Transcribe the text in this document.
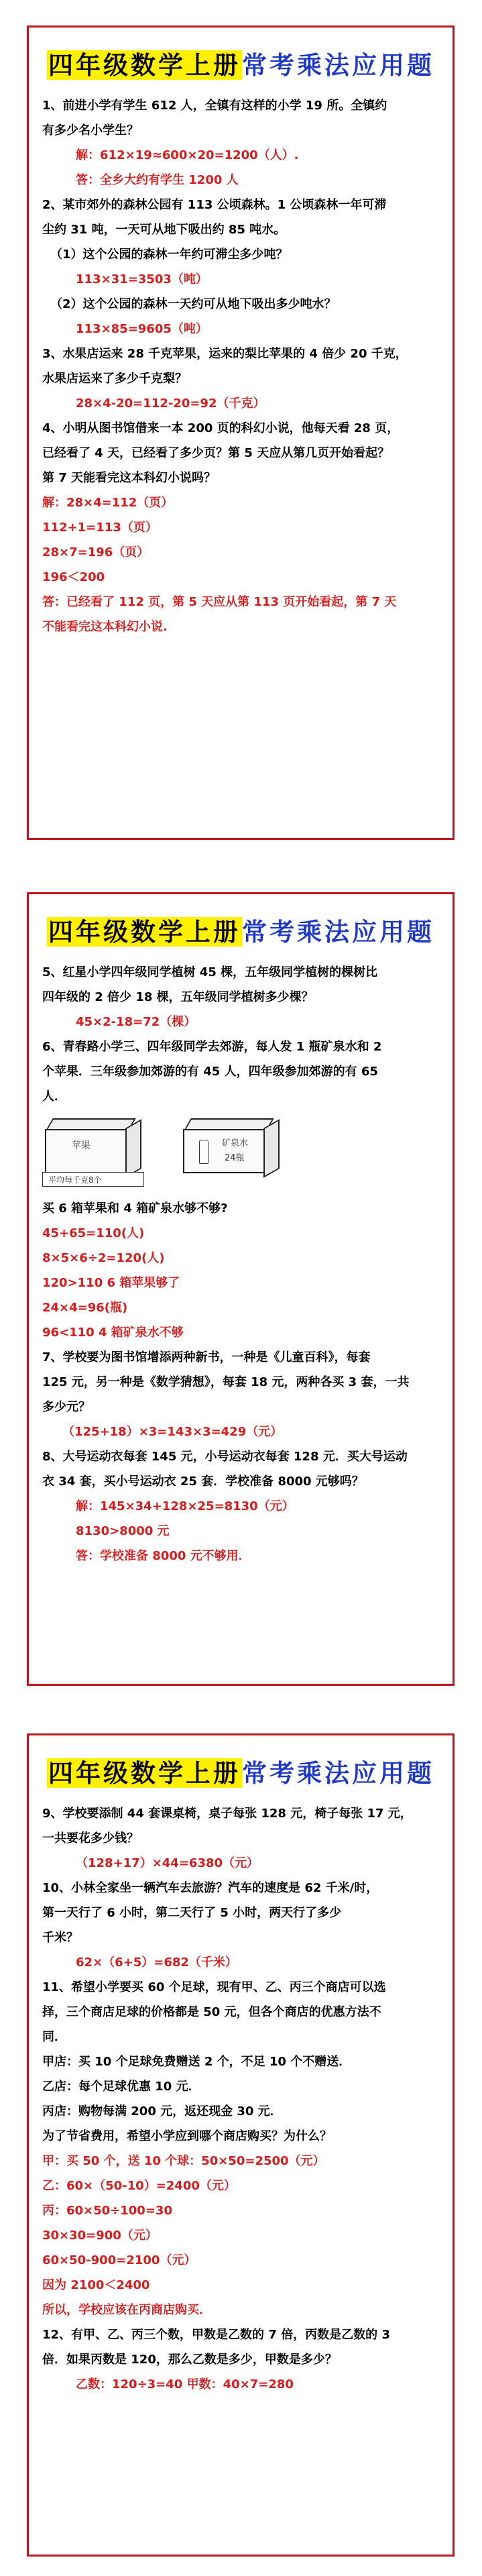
四年级数学上册常考乘法应用题
1、前进小学有学生 612 人，全镇有这样的小学 19 所。全镇约
有多少名小学生？
解：612×19≈600×20=1200（人）.
答：全乡大约有学生 1200 人
2、某市郊外的森林公园有 113 公顷森林。1 公顷森林一年可滞
尘约 31 吨，一天可从地下吸出约 85 吨水。
（1）这个公园的森林一年约可滞尘多少吨？
113×31=3503（吨）
（2）这个公园的森林一天约可从地下吸出多少吨水？
113×85=9605（吨）
3、水果店运来 28 千克苹果，运来的梨比苹果的 4 倍少 20 千克，
水果店运来了多少千克梨？
28×4-20=112-20=92（千克）
4、小明从图书馆借来一本 200 页的科幻小说，他每天看 28 页，
已经看了 4 天，已经看了多少页？第 5 天应从第几页开始看起？
第 7 天能看完这本科幻小说吗？
解：28×4=112（页）
112+1=113（页）
28×7=196（页）
196＜200
答：已经看了 112 页，第 5 天应从第 113 页开始看起，第 7 天
不能看完这本科幻小说.
四年级数学上册常考乘法应用题
5、红星小学四年级同学植树 45 棵，五年级同学植树的棵树比
四年级的 2 倍少 18 棵，五年级同学植树多少棵？
45×2-18=72（棵）
6、青春路小学三、四年级同学去郊游，每人发 1 瓶矿泉水和 2
个苹果．三年级参加郊游的有 45 人，四年级参加郊游的有 65
人．
苹果
平均每千克8个
矿泉水
24瓶
买 6 箱苹果和 4 箱矿泉水够不够?
45+65=110(人)
8×5×6÷2=120(人)
120>110 6 箱苹果够了
24×4=96(瓶)
96<110 4 箱矿泉水不够
7、学校要为图书馆增添两种新书，一种是《儿童百科》，每套
125 元，另一种是《数学猜想》，每套 18 元，两种各买 3 套，一共
多少元？
（125+18）×3=143×3=429（元）
8、大号运动衣每套 145 元，小号运动衣每套 128 元．买大号运动
衣 34 套，买小号运动衣 25 套．学校准备 8000 元够吗？
解：145×34+128×25=8130（元）
8130>8000 元
答：学校准备 8000 元不够用．
四年级数学上册常考乘法应用题
9、学校要添制 44 套课桌椅，桌子每张 128 元，椅子每张 17 元，
一共要花多少钱？
（128+17）×44=6380（元）
10、小林全家坐一辆汽车去旅游？汽车的速度是 62 千米/时，
第一天行了 6 小时，第二天行了 5 小时，两天行了多少
千米？
62×（6+5）=682（千米）
11、希望小学要买 60 个足球，现有甲、乙、丙三个商店可以选
择，三个商店足球的价格都是 50 元，但各个商店的优惠方法不
同．
甲店：买 10 个足球免费赠送 2 个，不足 10 个不赠送．
乙店：每个足球优惠 10 元．
丙店：购物每满 200 元，返还现金 30 元．
为了节省费用，希望小学应到哪个商店购买？为什么？
甲：买 50 个，送 10 个球：50×50=2500（元）
乙：60×（50-10）=2400（元）
丙：60×50÷100=30
30×30=900（元）
60×50-900=2100（元）
因为 2100＜2400
所以，学校应该在丙商店购买．
12、有甲、乙、丙三个数，甲数是乙数的 7 倍，丙数是乙数的 3
倍．如果丙数是 120，那么乙数是多少，甲数是多少？
乙数：120÷3=40 甲数：40×7=280
